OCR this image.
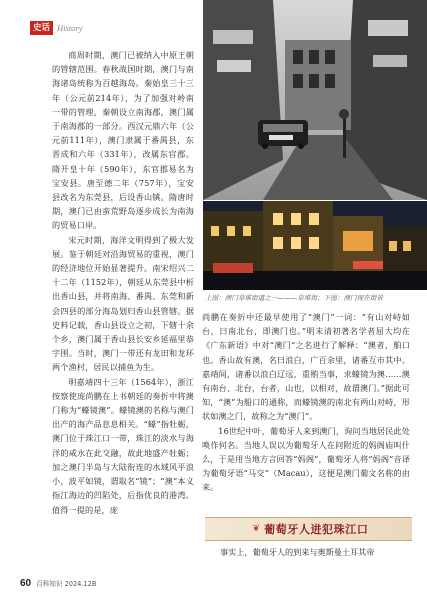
史话 History

商周时期，澳门已被纳入中原王朝的管辖范围。春秋战国时期，澳门与南海诸岛统称为百越海岛。秦始皇三十三年（公元前214年），为了加强对岭南一带的管理，秦朝设立南海郡，澳门属于南海郡的一部分。西汉元鼎六年（公元前111年），澳门隶属于番禺县，东晋成和六年（331年），改属东官郡。隋开皇十年（590年），东官郡易名为宝安县。唐至德二年（757年），宝安县改名为东莞县，后设香山镇。隋唐时期，澳门已由蛮荒野岛逐步成长为南海的贸易口岸。

宋元时期，海洋文明得到了极大发展。鉴于朝廷对沿海贸易的重视，澳门的经济地位开始显著提升。南宋绍兴二十二年（1152年），朝廷从东莞县中析出香山县，并将南海、番禺、东莞和新会四县的部分海岛划归香山县管辖。据史料记载，香山县设立之初，下辖十余个乡，澳门属于香山县长安乡延福里恭字围。当时，澳门一带还有龙田和龙环两个渔村，居民以捕鱼为生。

明嘉靖四十三年（1564年），浙江按察使庞尚鹏在上书朝廷的奏折中将澳门称为“蠔镜澳”。蠔镜澳的名称与澳门出产的海产品息息相关。“蠔”指牡蛎，澳门位于珠江口一带，珠江的淡水与海洋的咸水在此交融，故此地盛产牡蛎；加之澳门半岛与大陆衔连的水域风平浪小，波平如镜，谓取名“镜”；“澳”本义指江海边的凹陷处，后指优良的港湾。值得一提的是，庞

上图：澳门草堆街道之一———草堆街；下图：澳门现在街景

尚鹏在奏折中还最早使用了“澳门”一词：“有山对峙如台，曰南北台，即澳门也。”明末清初著名学者屈大均在《广东新语》中对“澳门”之名进行了解释：“澳者，舶口也。香山故有澳，名曰浪白，广百余里，诸番互市其中。嘉靖间，诸番以浪白辽远，重贿当事，求蠔镜为澳……澳有南台、北台，台者，山也，以相对，故谓澳门。”据此可知，“澳”为船口的通称，而蠔镜澳的南北有两山对峙，形状如澳之门，故称之为“澳门”。

16世纪中叶，葡萄牙人来到澳门，询问当地居民此处唤作何名。当地人误以为葡萄牙人在问附近的妈阁庙叫什么，于是用当地方言回答“妈阁”，葡萄牙人将“妈阁”音译为葡萄牙语“马交”（Macau），这便是澳门葡文名称的由来。

❦ 葡萄牙人进犯珠江口
事实上，葡萄牙人的到来与奥斯曼土耳其帝
60 百科知识 2024.12B
